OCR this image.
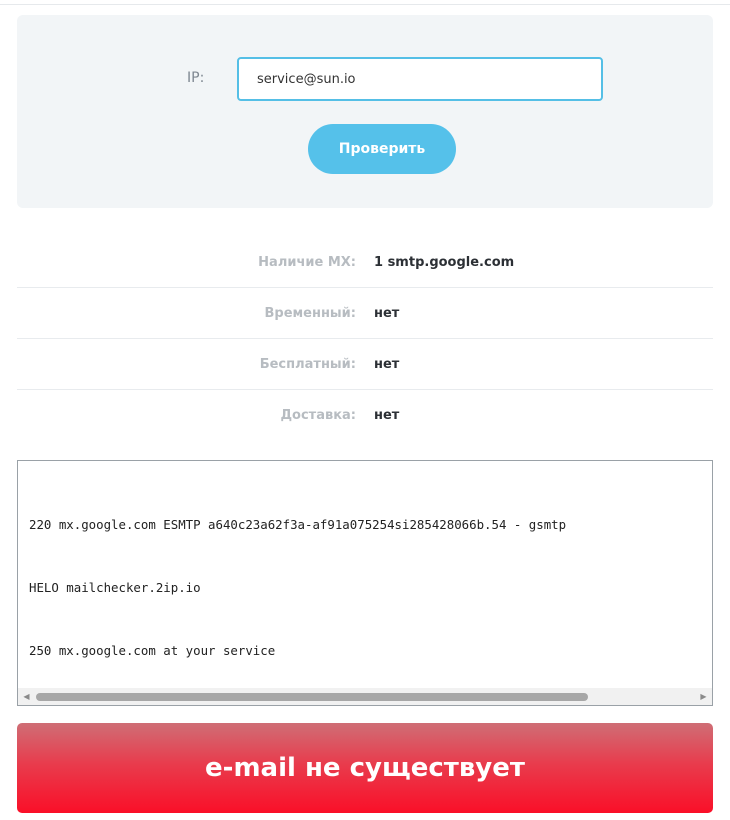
IP:
service@sun.io
Проверить
Наличие MX: 1 smtp.google.com
Временный: нет
Бесплатный: нет
Доставка: нет

220 mx.google.com ESMTP a640c23a62f3a-af91a075254si285428066b.54 - gsmtp

HELO mailchecker.2ip.io

250 mx.google.com at your service

◀	▶
e-mail не существует
